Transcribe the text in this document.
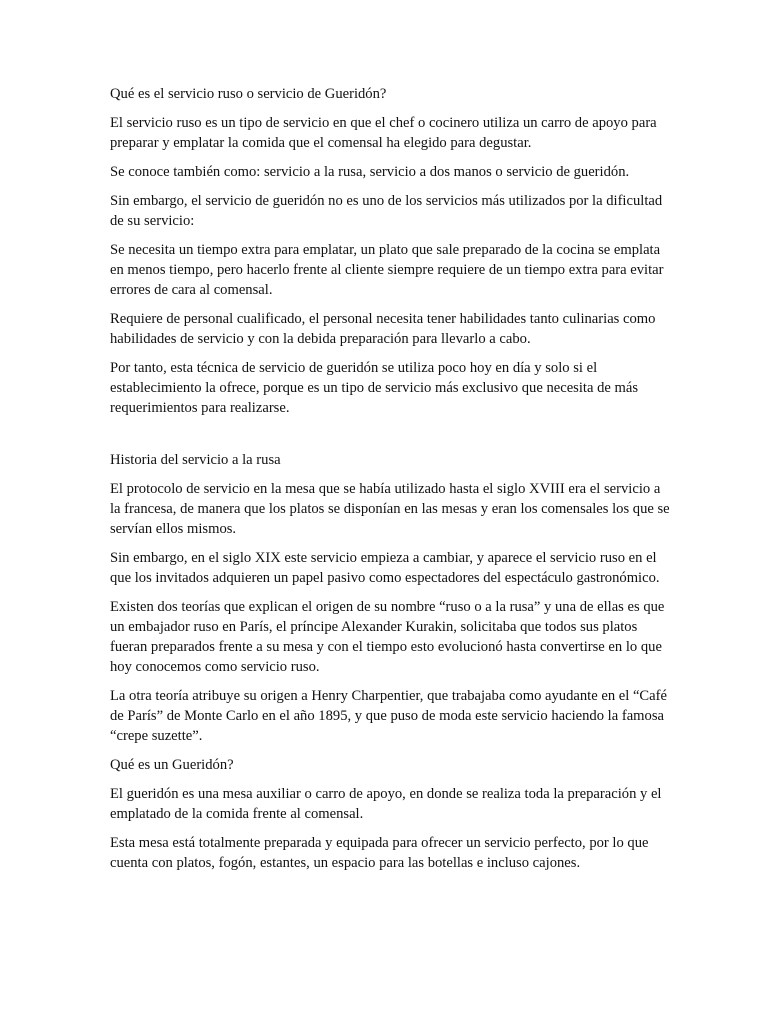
Qué es el servicio ruso o servicio de Gueridón?

El servicio ruso es un tipo de servicio en que el chef o cocinero utiliza un carro de apoyo para preparar y emplatar la comida que el comensal ha elegido para degustar.

Se conoce también como: servicio a la rusa, servicio a dos manos o servicio de gueridón.

Sin embargo, el servicio de gueridón no es uno de los servicios más utilizados por la dificultad de su servicio:

Se necesita un tiempo extra para emplatar, un plato que sale preparado de la cocina se emplata en menos tiempo, pero hacerlo frente al cliente siempre requiere de un tiempo extra para evitar errores de cara al comensal.

Requiere de personal cualificado, el personal necesita tener habilidades tanto culinarias como habilidades de servicio y con la debida preparación para llevarlo a cabo.

Por tanto, esta técnica de servicio de gueridón se utiliza poco hoy en día y solo si el establecimiento la ofrece, porque es un tipo de servicio más exclusivo que necesita de más requerimientos para realizarse.

Historia del servicio a la rusa

El protocolo de servicio en la mesa que se había utilizado hasta el siglo XVIII era el servicio a la francesa, de manera que los platos se disponían en las mesas y eran los comensales los que se servían ellos mismos.

Sin embargo, en el siglo XIX este servicio empieza a cambiar, y aparece el servicio ruso en el que los invitados adquieren un papel pasivo como espectadores del espectáculo gastronómico.

Existen dos teorías que explican el origen de su nombre “ruso o a la rusa” y una de ellas es que un embajador ruso en París, el príncipe Alexander Kurakin, solicitaba que todos sus platos fueran preparados frente a su mesa y con el tiempo esto evolucionó hasta convertirse en lo que hoy conocemos como servicio ruso.

La otra teoría atribuye su origen a Henry Charpentier, que trabajaba como ayudante en el “Café de París” de Monte Carlo en el año 1895, y que puso de moda este servicio haciendo la famosa “crepe suzette”.

Qué es un Gueridón?

El gueridón es una mesa auxiliar o carro de apoyo, en donde se realiza toda la preparación y el emplatado de la comida frente al comensal.

Esta mesa está totalmente preparada y equipada para ofrecer un servicio perfecto, por lo que cuenta con platos, fogón, estantes, un espacio para las botellas e incluso cajones.
